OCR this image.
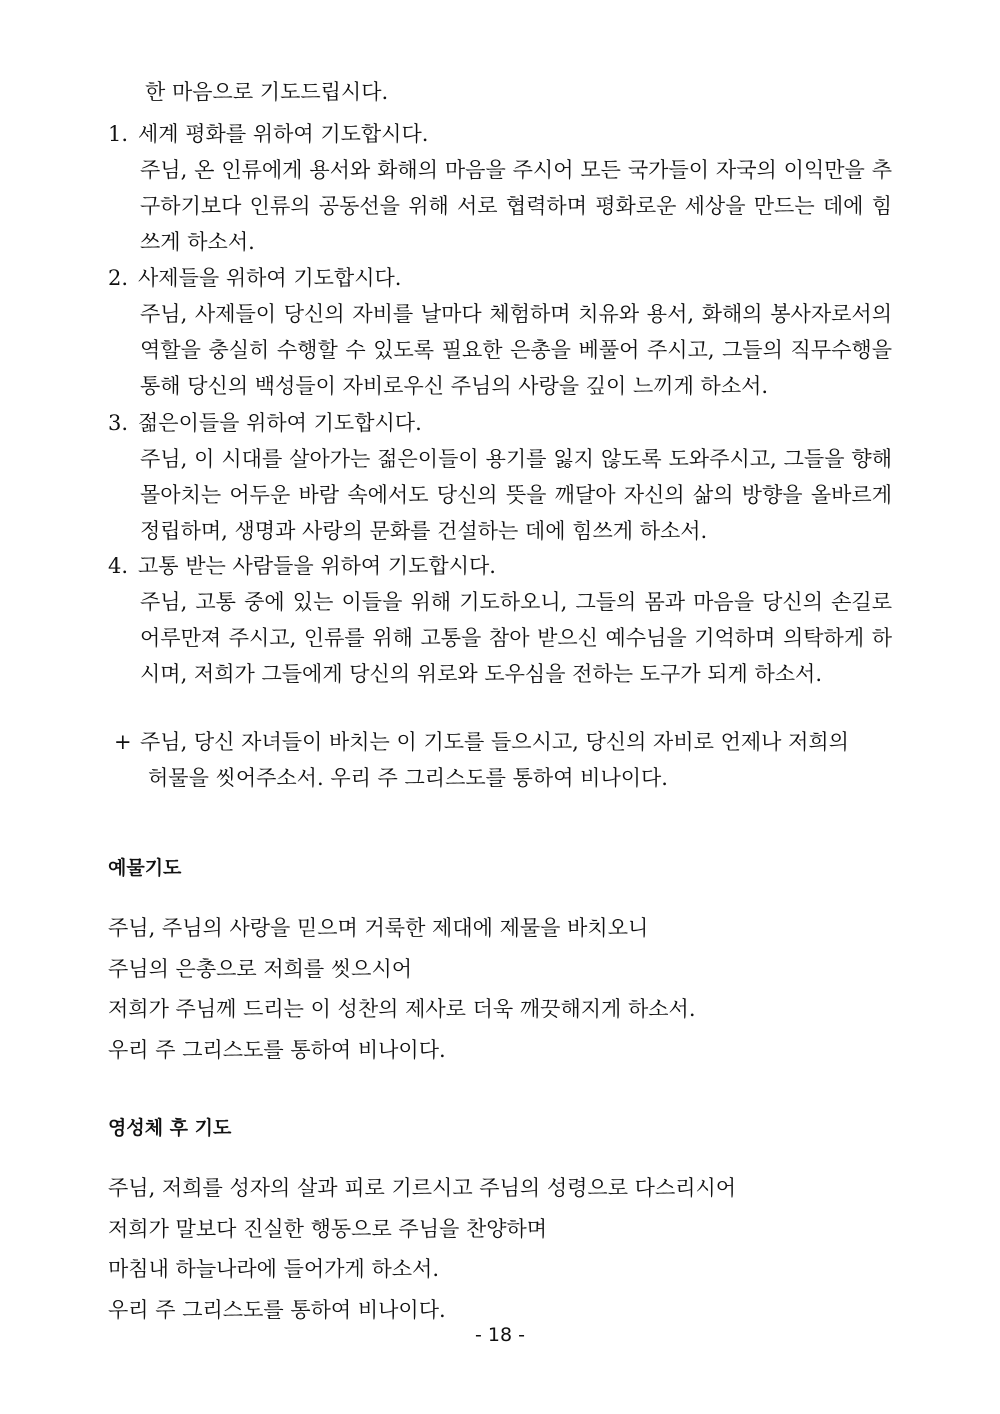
한 마음으로 기도드립시다.
1. 세계 평화를 위하여 기도합시다.
주님, 온 인류에게 용서와 화해의 마음을 주시어 모든 국가들이 자국의 이익만을 추구하기보다 인류의 공동선을 위해 서로 협력하며 평화로운 세상을 만드는 데에 힘쓰게 하소서.
2. 사제들을 위하여 기도합시다.
주님, 사제들이 당신의 자비를 날마다 체험하며 치유와 용서, 화해의 봉사자로서의 역할을 충실히 수행할 수 있도록 필요한 은총을 베풀어 주시고, 그들의 직무수행을 통해 당신의 백성들이 자비로우신 주님의 사랑을 깊이 느끼게 하소서.
3. 젊은이들을 위하여 기도합시다.
주님, 이 시대를 살아가는 젊은이들이 용기를 잃지 않도록 도와주시고, 그들을 향해 몰아치는 어두운 바람 속에서도 당신의 뜻을 깨달아 자신의 삶의 방향을 올바르게 정립하며, 생명과 사랑의 문화를 건설하는 데에 힘쓰게 하소서.
4. 고통 받는 사람들을 위하여 기도합시다.
주님, 고통 중에 있는 이들을 위해 기도하오니, 그들의 몸과 마음을 당신의 손길로 어루만져 주시고, 인류를 위해 고통을 참아 받으신 예수님을 기억하며 의탁하게 하시며, 저희가 그들에게 당신의 위로와 도우심을 전하는 도구가 되게 하소서.
+ 주님, 당신 자녀들이 바치는 이 기도를 들으시고, 당신의 자비로 언제나 저희의
허물을 씻어주소서. 우리 주 그리스도를 통하여 비나이다.
예물기도
주님, 주님의 사랑을 믿으며 거룩한 제대에 제물을 바치오니
주님의 은총으로 저희를 씻으시어
저희가 주님께 드리는 이 성찬의 제사로 더욱 깨끗해지게 하소서.
우리 주 그리스도를 통하여 비나이다.
영성체 후 기도
주님, 저희를 성자의 살과 피로 기르시고 주님의 성령으로 다스리시어
저희가 말보다 진실한 행동으로 주님을 찬양하며
마침내 하늘나라에 들어가게 하소서.
우리 주 그리스도를 통하여 비나이다.
- 18 -
